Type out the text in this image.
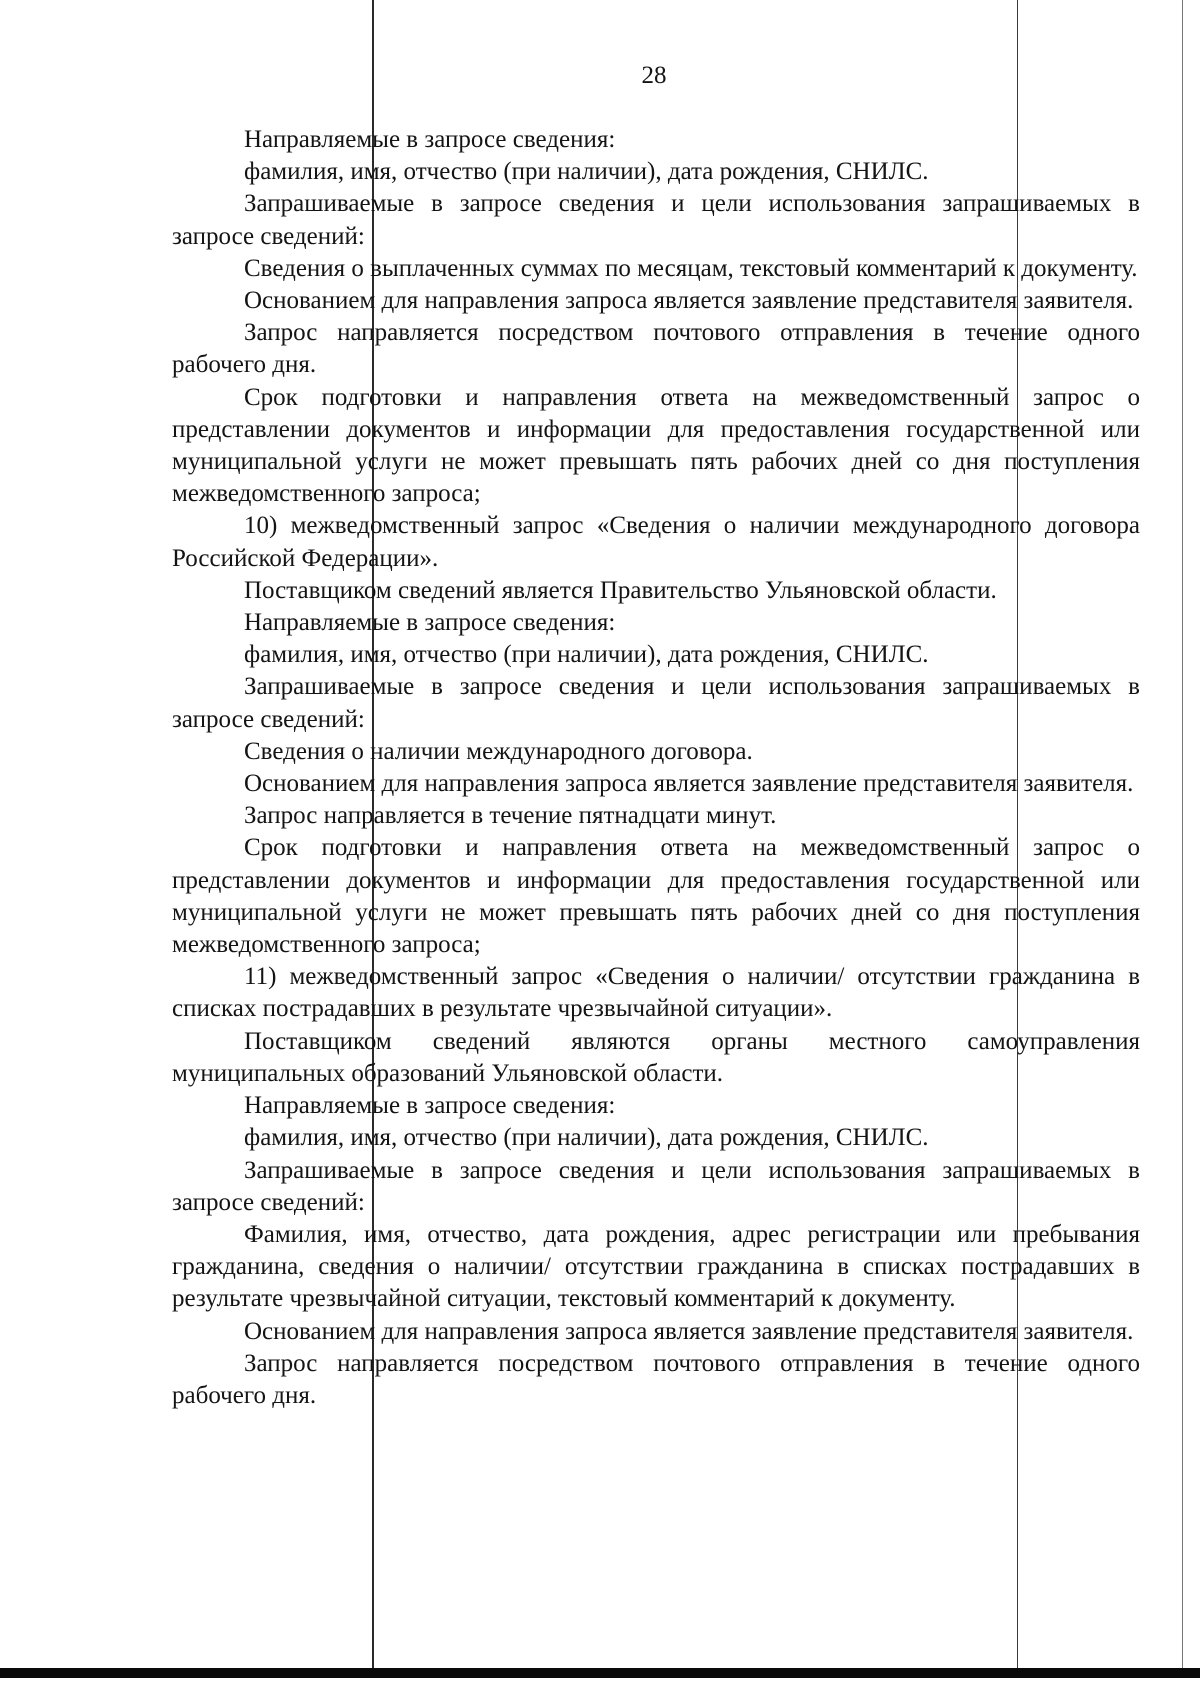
28

Направляемые в запросе сведения:

фамилия, имя, отчество (при наличии), дата рождения, СНИЛС.

Запрашиваемые в запросе сведения и цели использования запрашиваемых в запросе сведений:

Сведения о выплаченных суммах по месяцам, текстовый комментарий к документу.

Основанием для направления запроса является заявление представителя заявителя.

Запрос направляется посредством почтового отправления в течение одного рабочего дня.

Срок подготовки и направления ответа на межведомственный запрос о представлении документов и информации для предоставления государственной или муниципальной услуги не может превышать пять рабочих дней со дня поступления межведомственного запроса;

10) межведомственный запрос «Сведения о наличии международного договора Российской Федерации».

Поставщиком сведений является Правительство Ульяновской области.

Направляемые в запросе сведения:

фамилия, имя, отчество (при наличии), дата рождения, СНИЛС.

Запрашиваемые в запросе сведения и цели использования запрашиваемых в запросе сведений:

Сведения о наличии международного договора.

Основанием для направления запроса является заявление представителя заявителя.

Запрос направляется в течение пятнадцати минут.

Срок подготовки и направления ответа на межведомственный запрос о представлении документов и информации для предоставления государственной или муниципальной услуги не может превышать пять рабочих дней со дня поступления межведомственного запроса;

11) межведомственный запрос «Сведения о наличии/ отсутствии гражданина в списках пострадавших в результате чрезвычайной ситуации».

Поставщиком сведений являются органы местного самоуправления муниципальных образований Ульяновской области.

Направляемые в запросе сведения:

фамилия, имя, отчество (при наличии), дата рождения, СНИЛС.

Запрашиваемые в запросе сведения и цели использования запрашиваемых в запросе сведений:

Фамилия, имя, отчество, дата рождения, адрес регистрации или пребывания гражданина, сведения о наличии/ отсутствии гражданина в списках пострадавших в результате чрезвычайной ситуации, текстовый комментарий к документу.

Основанием для направления запроса является заявление представителя заявителя.

Запрос направляется посредством почтового отправления в течение одного рабочего дня.
